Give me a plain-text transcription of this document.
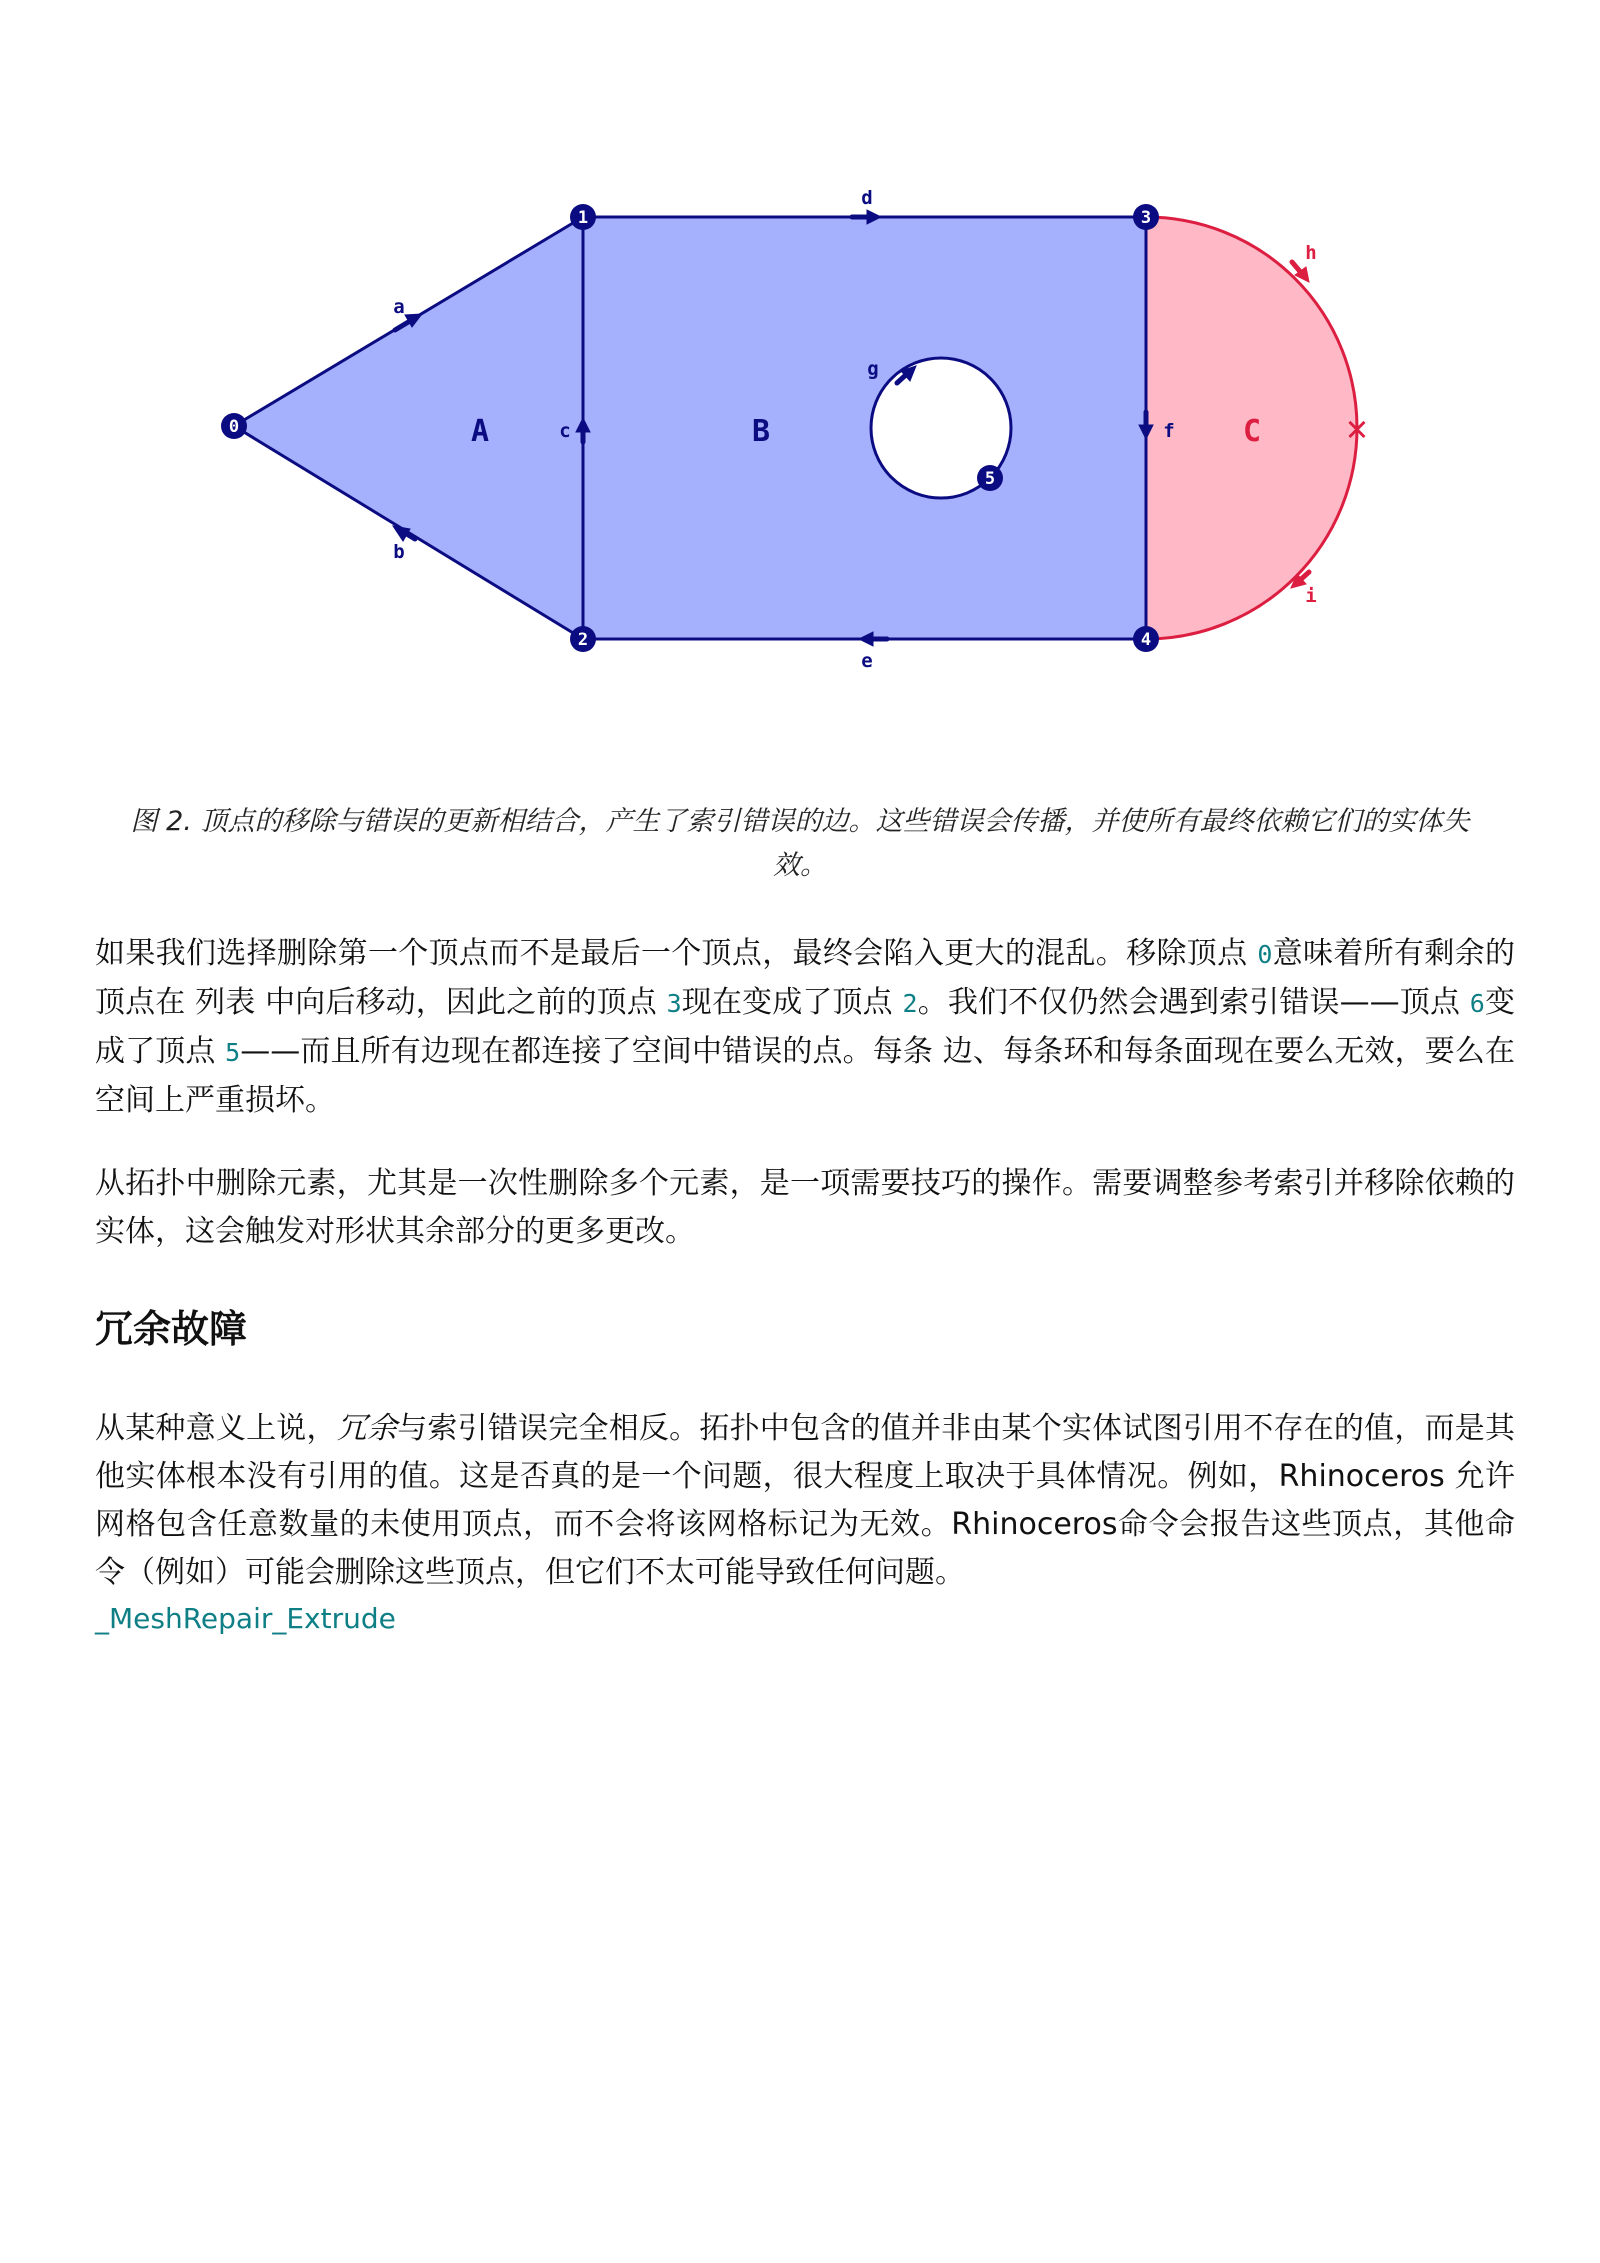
✕
A	B	C
a
b
c
d
e
f
g
h
i
0
1
2
3
4
5
图 2. 顶点的移除与错误的更新相结合，产生了索引错误的边。这些错误会传播，并使所有最终依赖它们的实体失效。

如果我们选择删除第一个顶点而不是最后一个顶点，最终会陷入更大的混乱。移除顶点 0意味着所有剩余的顶点在 列表 中向后移动，因此之前的顶点 3现在变成了顶点 2。我们不仅仍然会遇到索引错误——顶点 6变成了顶点 5——而且所有边现在都连接了空间中错误的点。每条 边、每条环和每条面现在要么无效，要么在空间上严重损坏。

从拓扑中删除元素，尤其是一次性删除多个元素，是一项需要技巧的操作。需要调整参考索引并移除依赖的实体，这会触发对形状其余部分的更多更改。

冗余故障

从某种意义上说，冗余与索引错误完全相反。拓扑中包含的值并非由某个实体试图引用不存在的值，而是其他实体根本没有引用的值。这是否真的是一个问题，很大程度上取决于具体情况。例如，Rhinoceros 允许网格包含任意数量的未使用顶点，而不会将该网格标记为无效。Rhinoceros命令会报告这些顶点，其他命令（例如）可能会删除这些顶点，但它们不太可能导致任何问题。
_MeshRepair_Extrude
